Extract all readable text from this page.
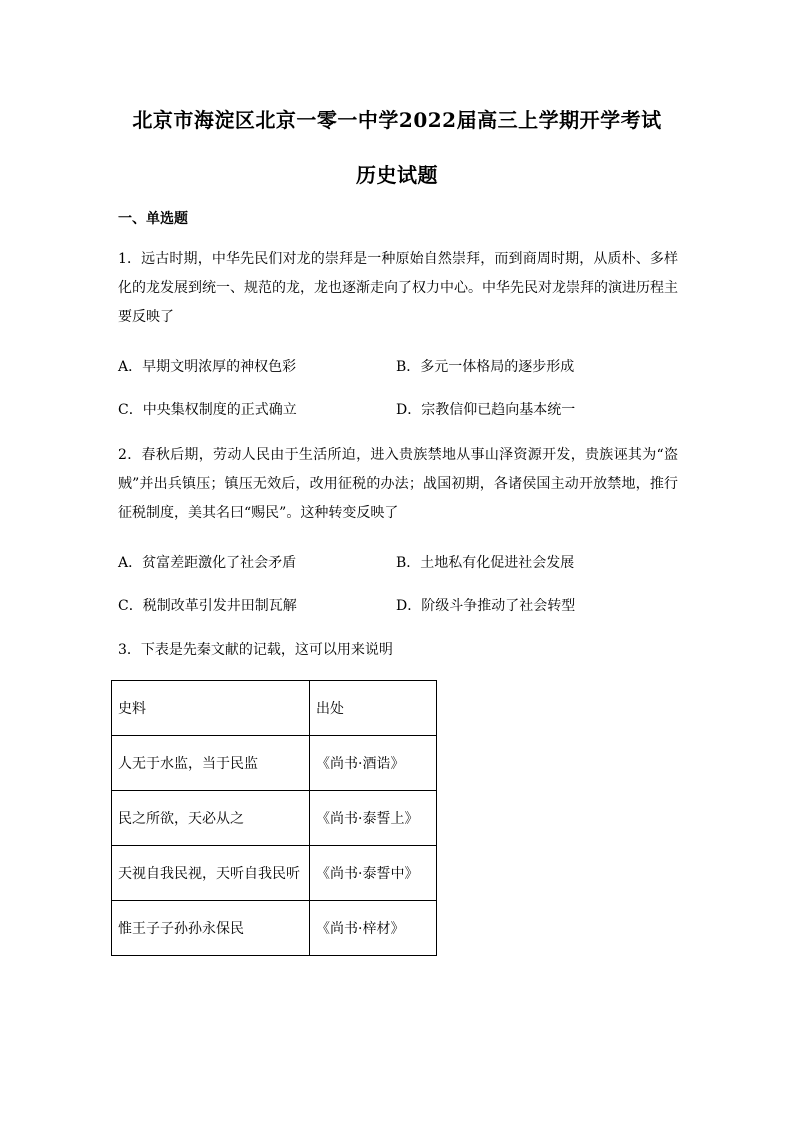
北京市海淀区北京一零一中学2022届高三上学期开学考试
历史试题
一、单选题
1．远古时期，中华先民们对龙的崇拜是一种原始自然崇拜，而到商周时期，从质朴、多样化的龙发展到统一、规范的龙，龙也逐渐走向了权力中心。中华先民对龙崇拜的演进历程主要反映了
A．早期文明浓厚的神权色彩	B．多元一体格局的逐步形成
C．中央集权制度的正式确立	D．宗教信仰已趋向基本统一
2．春秋后期，劳动人民由于生活所迫，进入贵族禁地从事山泽资源开发，贵族诬其为“盗贼”并出兵镇压；镇压无效后，改用征税的办法；战国初期，各诸侯国主动开放禁地，推行征税制度，美其名曰“赐民”。这种转变反映了
A．贫富差距激化了社会矛盾	B．土地私有化促进社会发展
C．税制改革引发井田制瓦解	D．阶级斗争推动了社会转型
3．下表是先秦文献的记载，这可以用来说明
史料	出处
人无于水监，当于民监	《尚书·酒诰》
民之所欲，天必从之	《尚书·泰誓上》
天视自我民视，天听自我民听	《尚书·泰誓中》
惟王子子孙孙永保民	《尚书·梓材》
